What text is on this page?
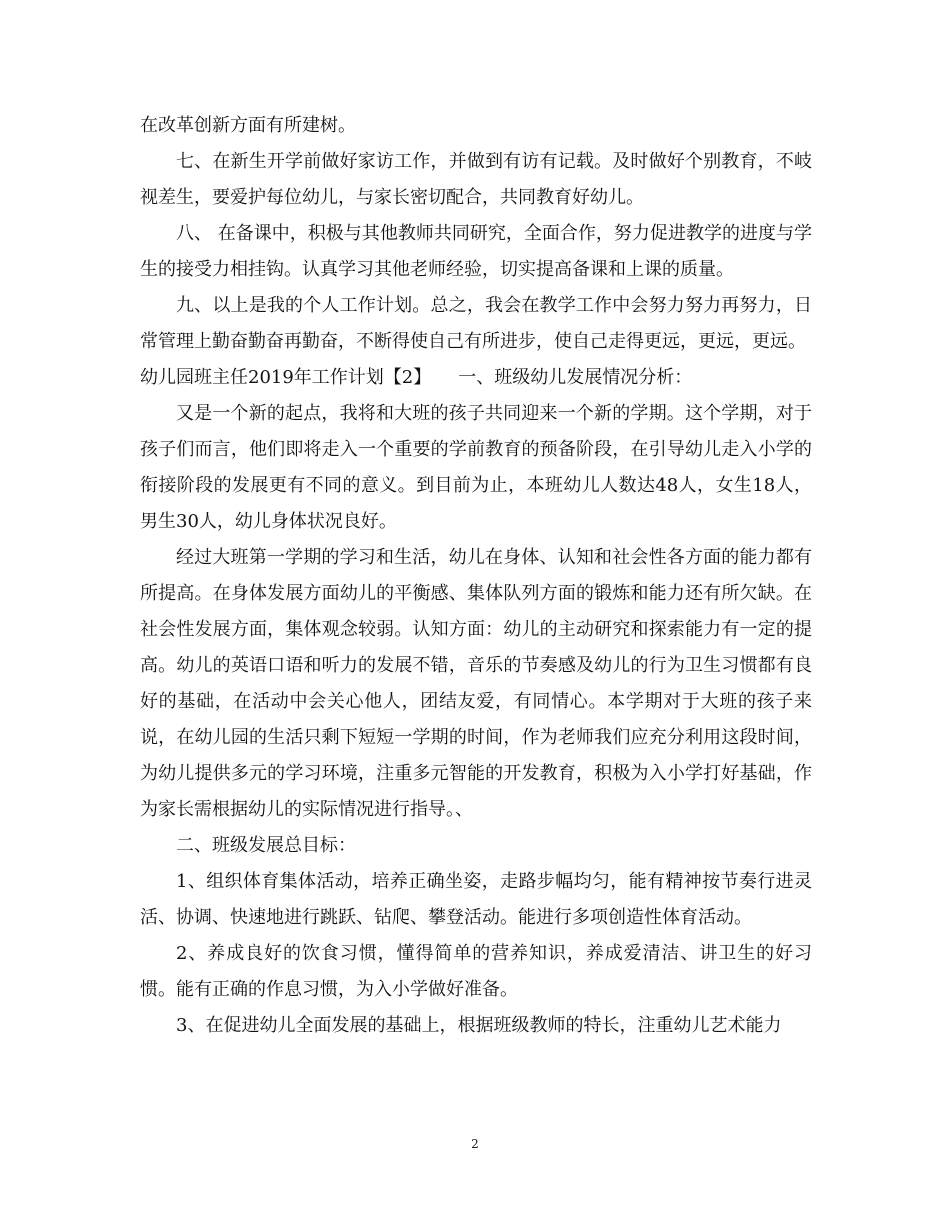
在改革创新方面有所建树。

七、在新生开学前做好家访工作，并做到有访有记载。及时做好个别教育，不岐视差生，要爱护每位幼儿，与家长密切配合，共同教育好幼儿。

八、 在备课中，积极与其他教师共同研究，全面合作，努力促进教学的进度与学生的接受力相挂钩。认真学习其他老师经验，切实提高备课和上课的质量。

九、以上是我的个人工作计划。总之，我会在教学工作中会努力努力再努力，日常管理上勤奋勤奋再勤奋，不断得使自己有所进步，使自己走得更远，更远，更远。

幼儿园班主任2019年工作计划【2】　　一、班级幼儿发展情况分析：

又是一个新的起点，我将和大班的孩子共同迎来一个新的学期。这个学期，对于孩子们而言，他们即将走入一个重要的学前教育的预备阶段，在引导幼儿走入小学的衔接阶段的发展更有不同的意义。到目前为止，本班幼儿人数达48人，女生18人，男生30人，幼儿身体状况良好。

经过大班第一学期的学习和生活，幼儿在身体、认知和社会性各方面的能力都有所提高。在身体发展方面幼儿的平衡感、集体队列方面的锻炼和能力还有所欠缺。在社会性发展方面，集体观念较弱。认知方面：幼儿的主动研究和探索能力有一定的提高。幼儿的英语口语和听力的发展不错，音乐的节奏感及幼儿的行为卫生习惯都有良好的基础，在活动中会关心他人，团结友爱，有同情心。本学期对于大班的孩子来说，在幼儿园的生活只剩下短短一学期的时间，作为老师我们应充分利用这段时间，为幼儿提供多元的学习环境，注重多元智能的开发教育，积极为入小学打好基础，作为家长需根据幼儿的实际情况进行指导。、

二、班级发展总目标：

1、组织体育集体活动，培养正确坐姿，走路步幅均匀，能有精神按节奏行进灵活、协调、快速地进行跳跃、钻爬、攀登活动。能进行多项创造性体育活动。

2、养成良好的饮食习惯，懂得简单的营养知识，养成爱清洁、讲卫生的好习惯。能有正确的作息习惯，为入小学做好准备。

3、在促进幼儿全面发展的基础上，根据班级教师的特长，注重幼儿艺术能力

2
